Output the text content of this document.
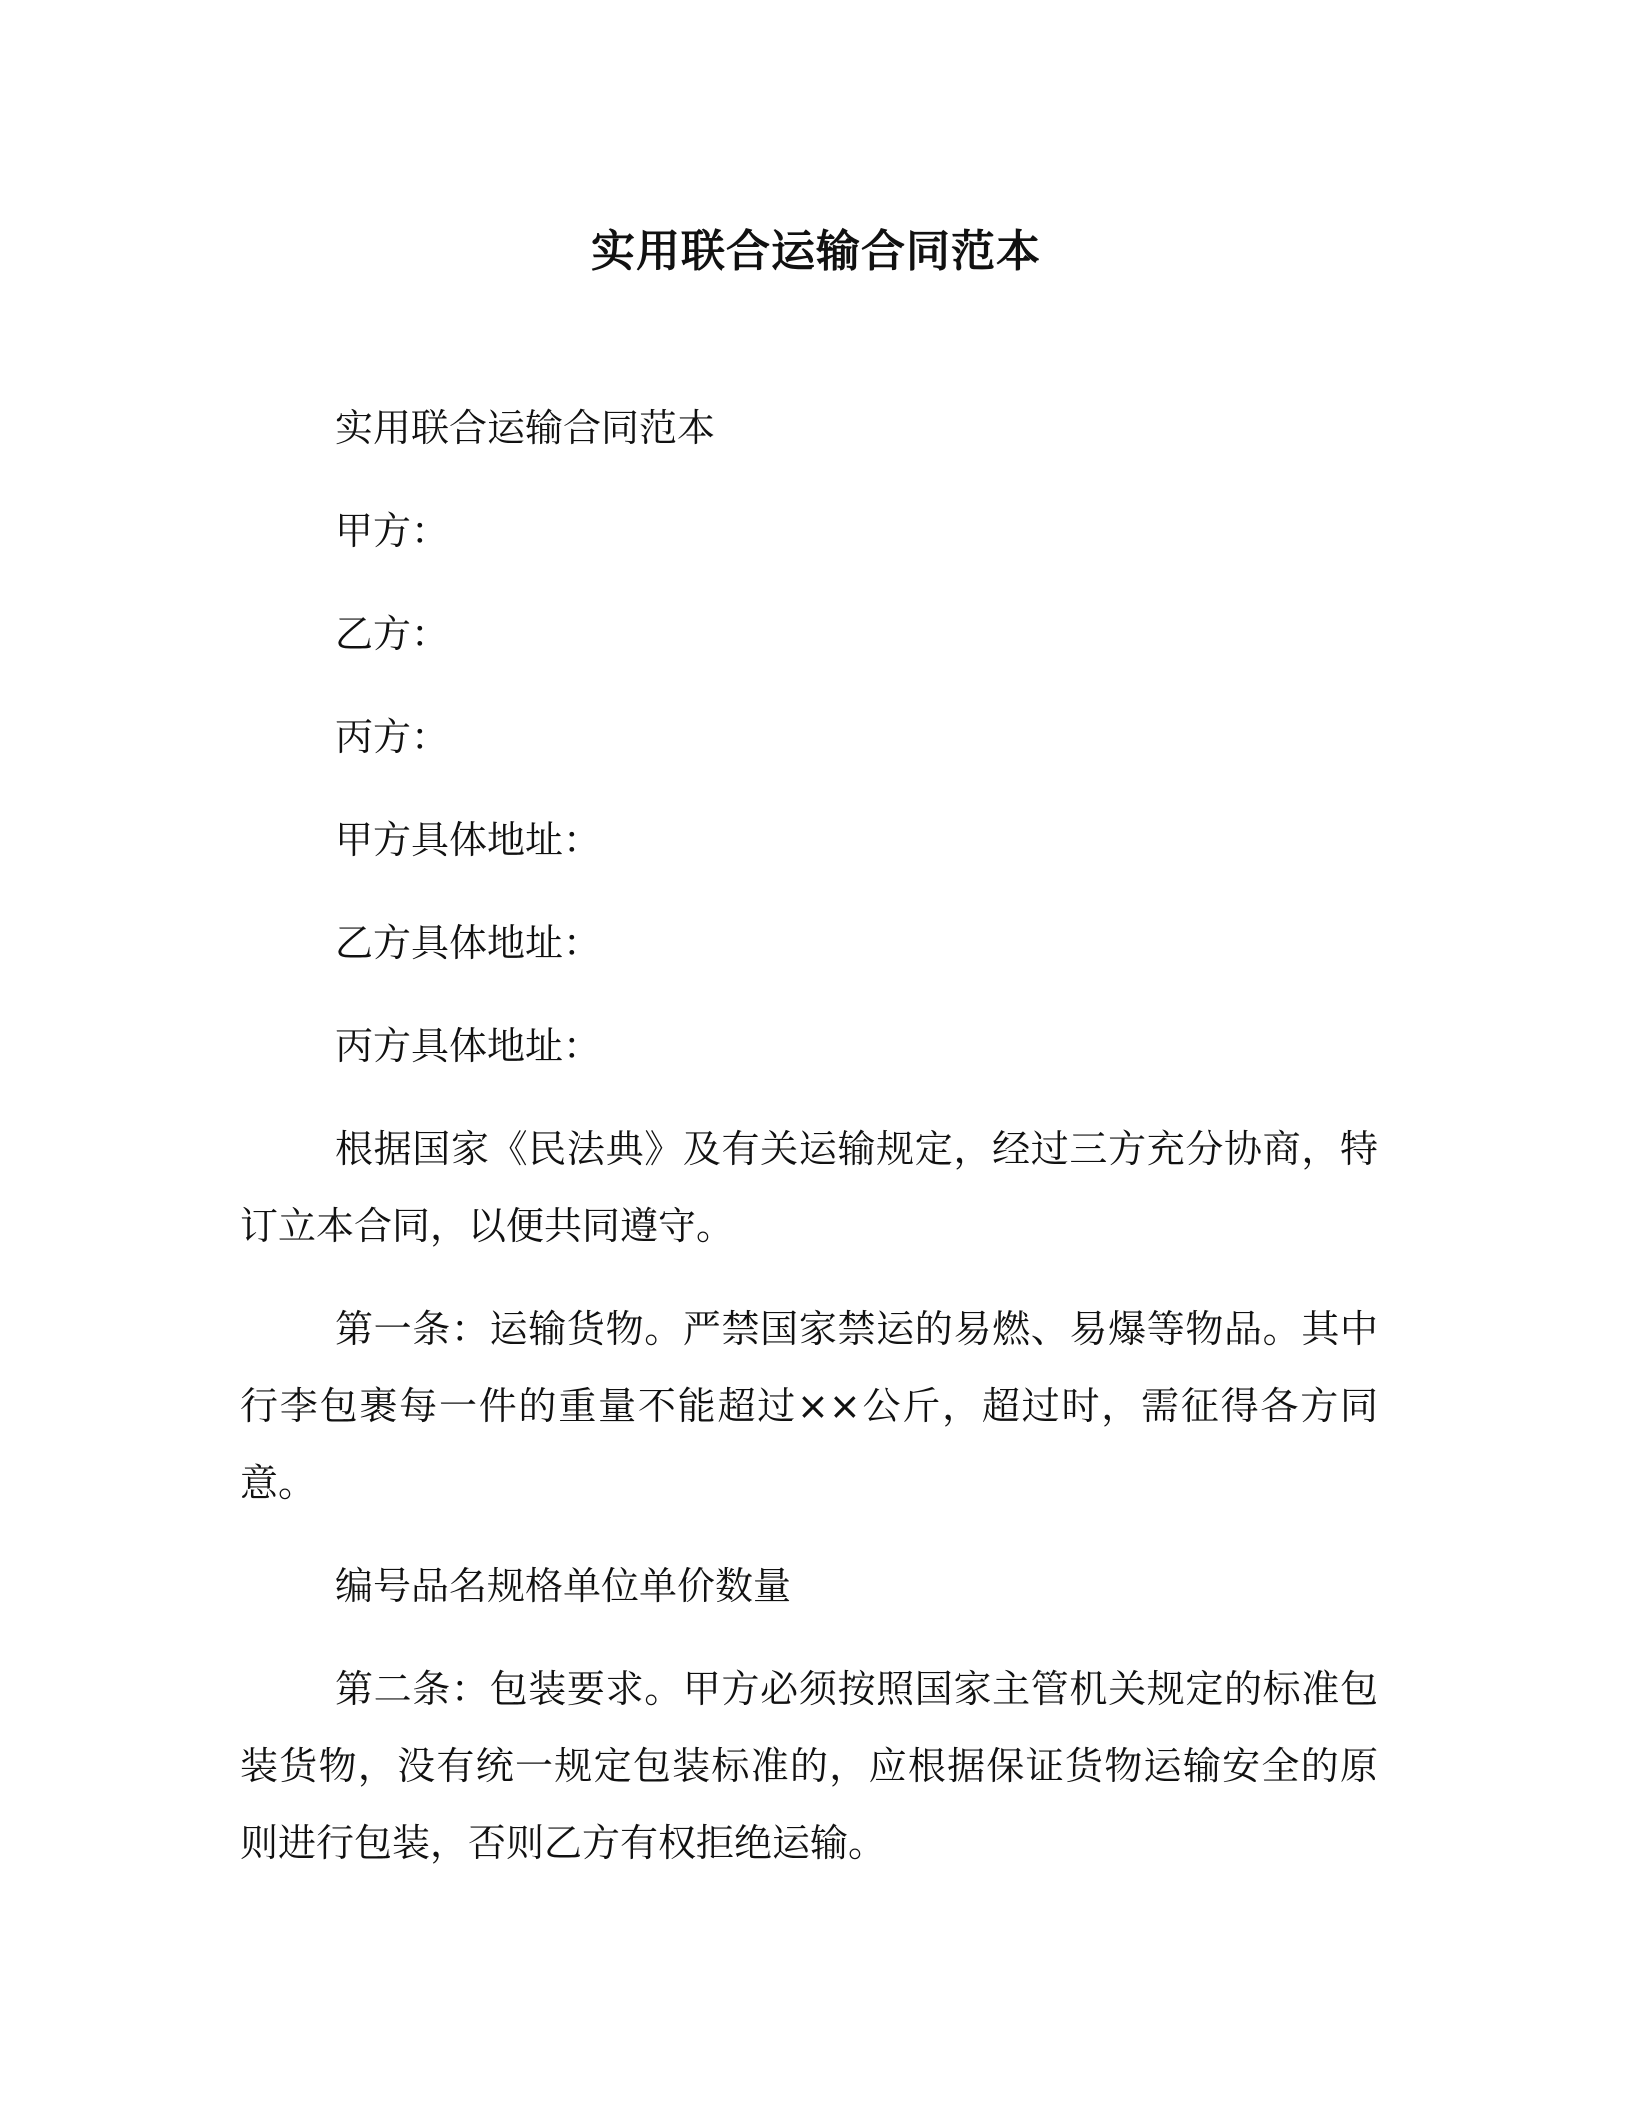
实用联合运输合同范本

实用联合运输合同范本

甲方：

乙方：

丙方：

甲方具体地址：

乙方具体地址：

丙方具体地址：

根据国家《民法典》及有关运输规定，经过三方充分协商，特订立本合同，以便共同遵守。

第一条：运输货物。严禁国家禁运的易燃、易爆等物品。其中行李包裹每一件的重量不能超过××公斤，超过时，需征得各方同意。

编号品名规格单位单价数量

第二条：包装要求。甲方必须按照国家主管机关规定的标准包装货物，没有统一规定包装标准的，应根据保证货物运输安全的原则进行包装，否则乙方有权拒绝运输。
